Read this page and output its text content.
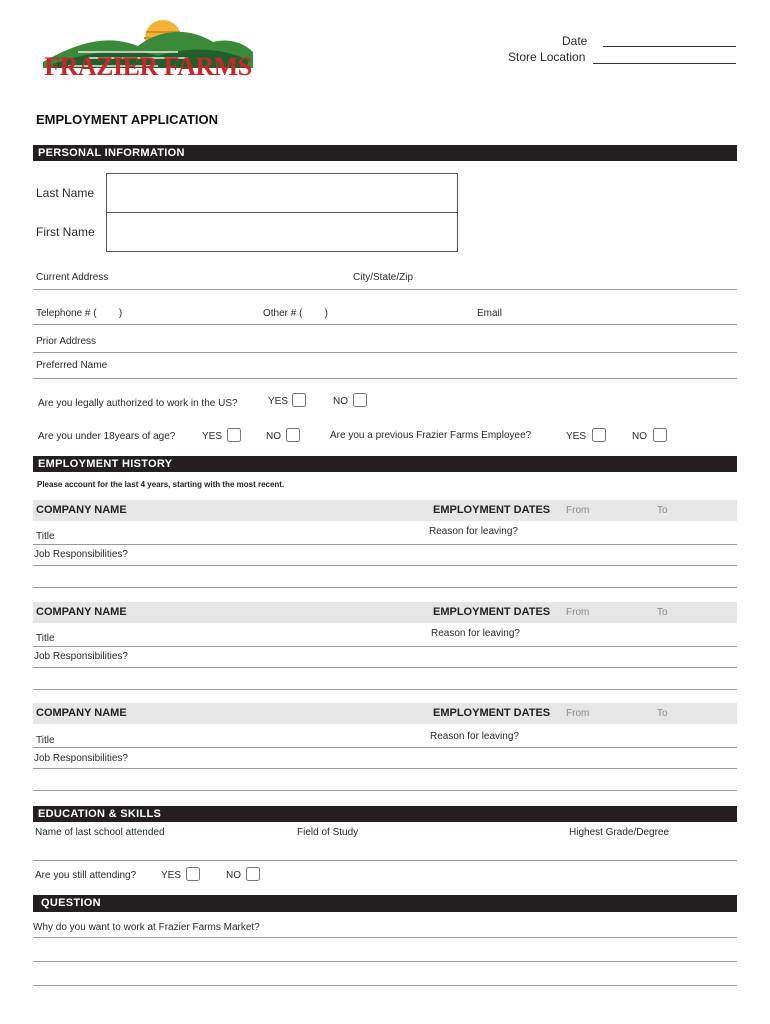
FRAZIER FARMS
Date
Store Location
EMPLOYMENT APPLICATION
PERSONAL INFORMATION
Last Name
First Name
Current Address	City/State/Zip
Telephone # (        )	Other # (        )	Email
Prior Address
Preferred Name
Are you legally authorized to work in the US?	YES	NO
Are you under 18years of age?	YES	NO	Are you a previous Frazier Farms Employee?	YES	NO
EMPLOYMENT HISTORY
Please account for the last 4 years, starting with the most recent.
COMPANY NAME	EMPLOYMENT DATES From	To
Reason for leaving?
Title
Job Responsibilities?
COMPANY NAME	EMPLOYMENT DATES From	To
Reason for leaving?
Title
Job Responsibilities?
COMPANY NAME	EMPLOYMENT DATES From	To
Reason for leaving?
Title
Job Responsibilities?
EDUCATION & SKILLS
Name of last school attended	Field of Study	Highest Grade/Degree
Are you still attending? YES	NO
QUESTION
Why do you want to work at Frazier Farms Market?
